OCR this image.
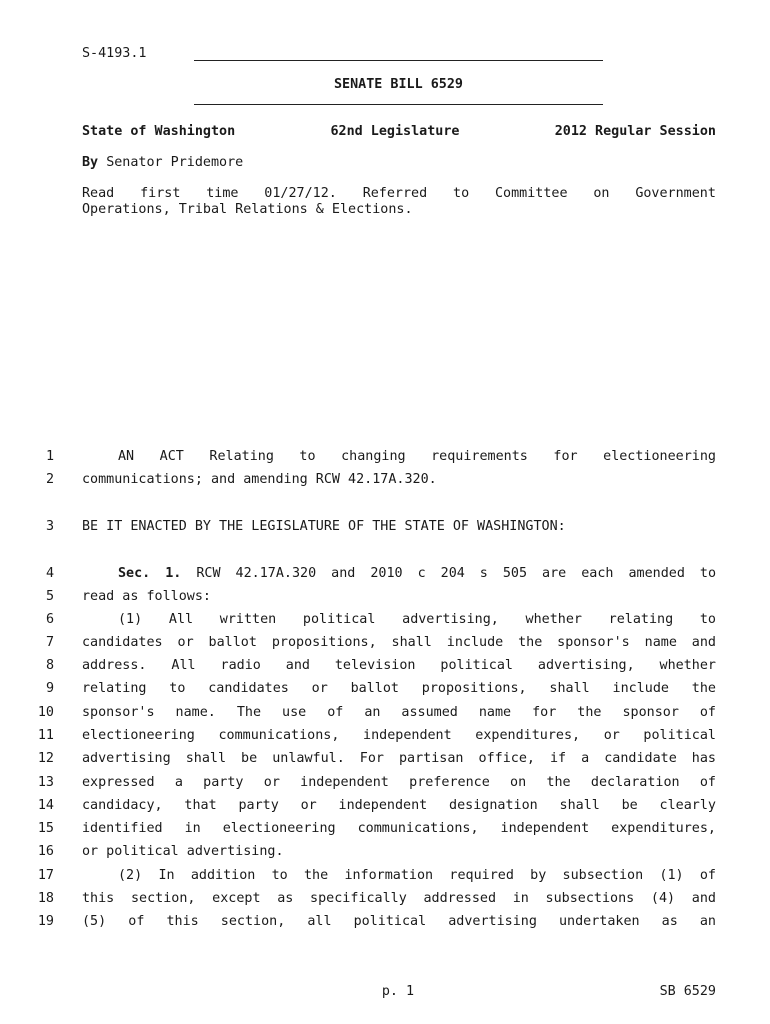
S-4193.1
SENATE BILL 6529
State of Washington	62nd Legislature	2012 Regular Session
By Senator Pridemore
Read first time 01/27/12. Referred to Committee on Government
Operations, Tribal Relations & Elections.
1	AN ACT Relating to changing requirements for electioneering
2 communications; and amending RCW 42.17A.320.
3 BE IT ENACTED BY THE LEGISLATURE OF THE STATE OF WASHINGTON:
4	Sec. 1. RCW 42.17A.320 and 2010 c 204 s 505 are each amended to
5 read as follows:
6	(1) All written political advertising, whether relating to
7 candidates or ballot propositions, shall include the sponsor's name and
8 address. All radio and television political advertising, whether
9 relating to candidates or ballot propositions, shall include the
10 sponsor's name. The use of an assumed name for the sponsor of
11 electioneering communications, independent expenditures, or political
12 advertising shall be unlawful. For partisan office, if a candidate has
13 expressed a party or independent preference on the declaration of
14 candidacy, that party or independent designation shall be clearly
15 identified in electioneering communications, independent expenditures,
16 or political advertising.
17	(2) In addition to the information required by subsection (1) of
18 this section, except as specifically addressed in subsections (4) and
19 (5) of this section, all political advertising undertaken as an
p. 1	SB 6529
